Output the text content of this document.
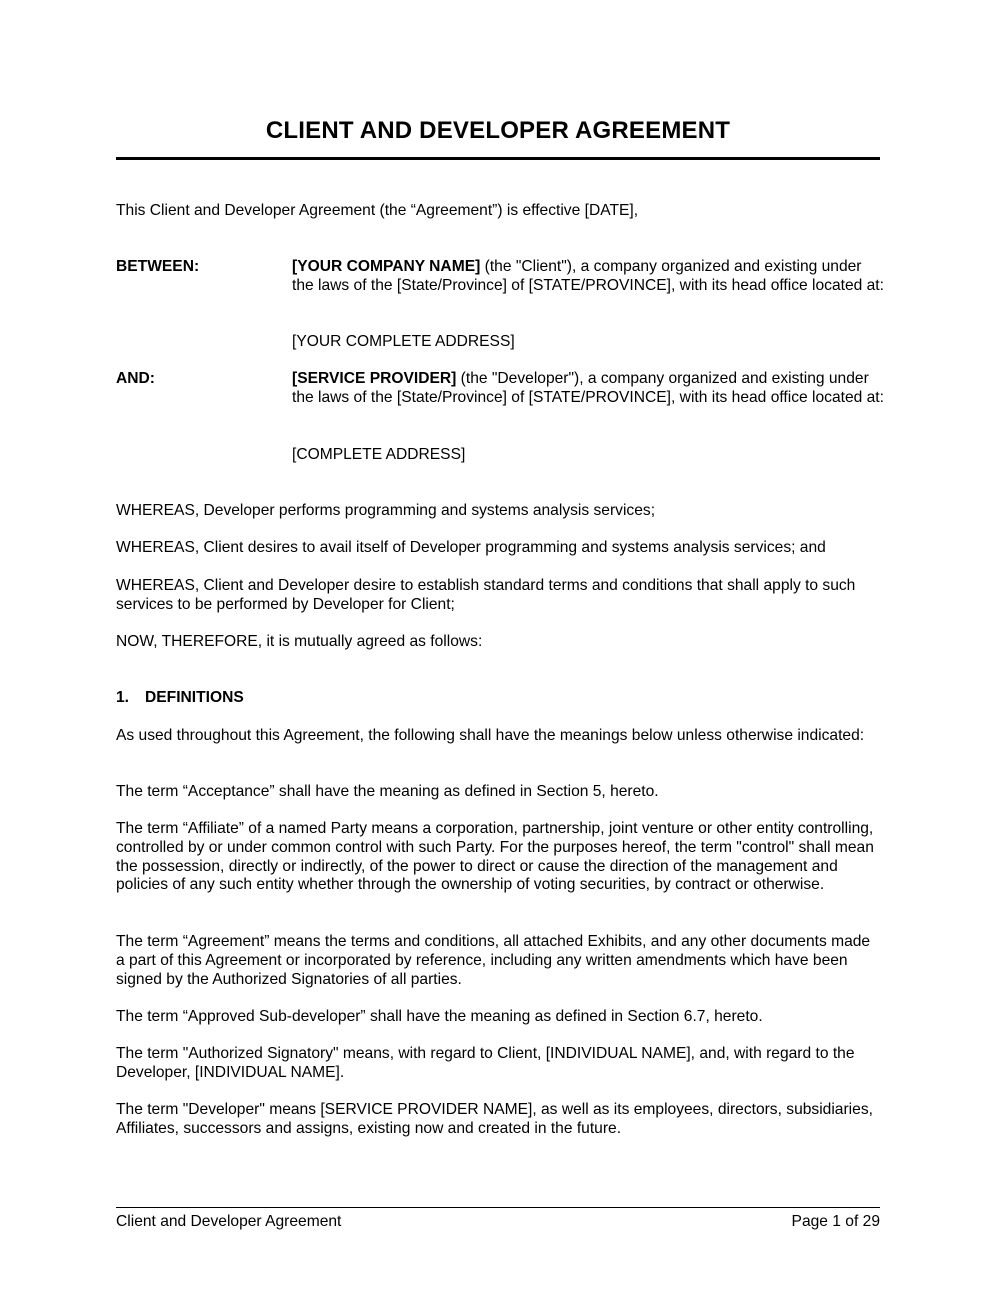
CLIENT AND DEVELOPER AGREEMENT

This Client and Developer Agreement (the “Agreement”) is effective [DATE],

BETWEEN:	[YOUR COMPANY NAME] (the "Client"), a company organized and existing under the laws of the [State/Province] of [STATE/PROVINCE], with its head office located at:

[YOUR COMPLETE ADDRESS]

AND:	[SERVICE PROVIDER] (the "Developer"), a company organized and existing under the laws of the [State/Province] of [STATE/PROVINCE], with its head office located at:

[COMPLETE ADDRESS]

WHEREAS, Developer performs programming and systems analysis services;

WHEREAS, Client desires to avail itself of Developer programming and systems analysis services; and

WHEREAS, Client and Developer desire to establish standard terms and conditions that shall apply to such services to be performed by Developer for Client;

NOW, THEREFORE, it is mutually agreed as follows:

1. DEFINITIONS

As used throughout this Agreement, the following shall have the meanings below unless otherwise indicated:

The term “Acceptance” shall have the meaning as defined in Section 5, hereto.

The term “Affiliate” of a named Party means a corporation, partnership, joint venture or other entity controlling, controlled by or under common control with such Party. For the purposes hereof, the term "control" shall mean the possession, directly or indirectly, of the power to direct or cause the direction of the management and policies of any such entity whether through the ownership of voting securities, by contract or otherwise.

The term “Agreement” means the terms and conditions, all attached Exhibits, and any other documents made a part of this Agreement or incorporated by reference, including any written amendments which have been signed by the Authorized Signatories of all parties.

The term “Approved Sub-developer” shall have the meaning as defined in Section 6.7, hereto.

The term "Authorized Signatory" means, with regard to Client, [INDIVIDUAL NAME], and, with regard to the Developer, [INDIVIDUAL NAME].

The term "Developer" means [SERVICE PROVIDER NAME], as well as its employees, directors, subsidiaries, Affiliates, successors and assigns, existing now and created in the future.

Client and Developer Agreement	Page 1 of 29
